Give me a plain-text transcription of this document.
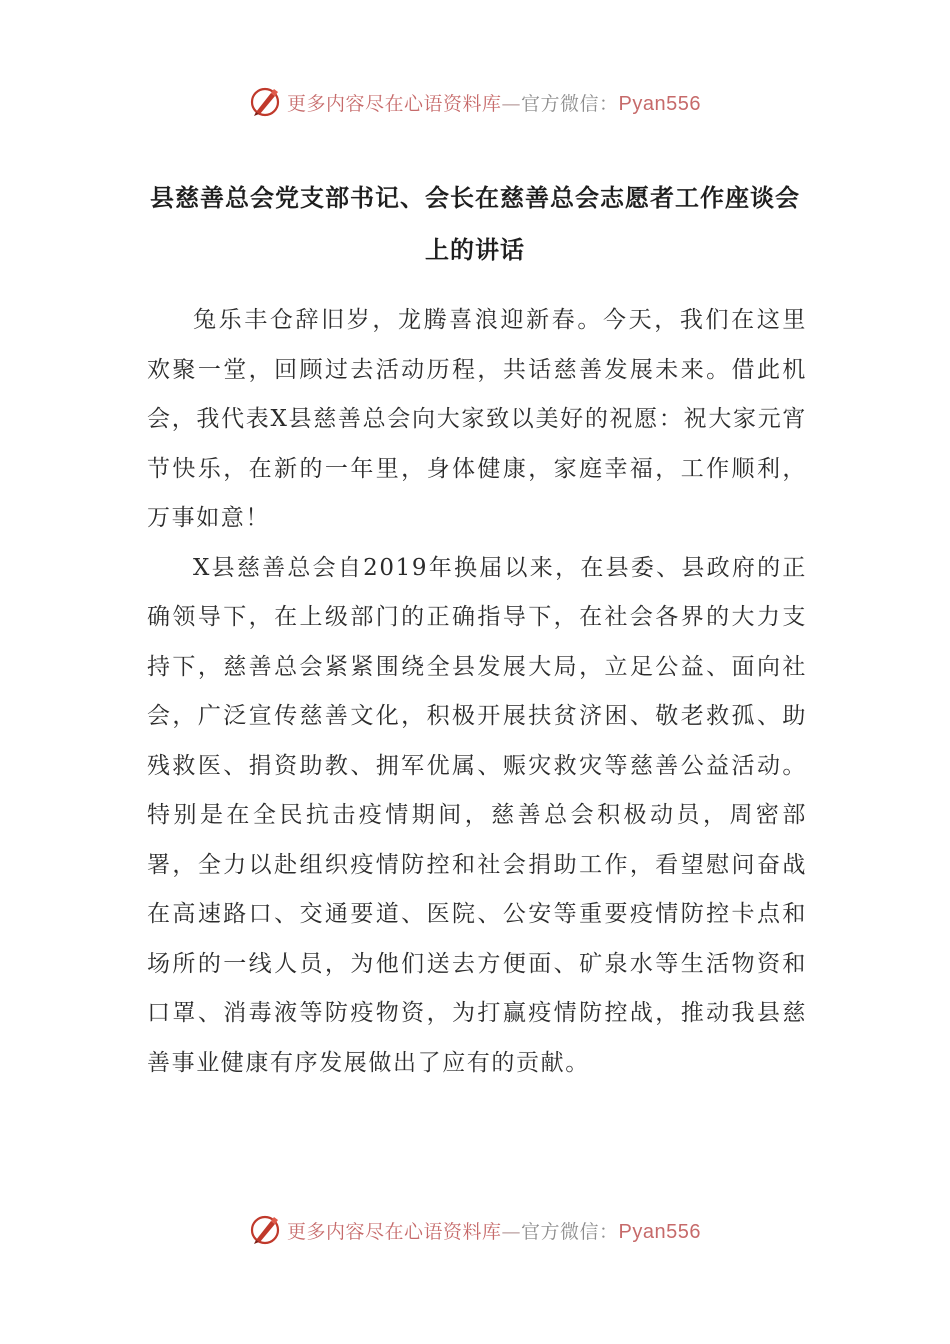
更多内容尽在心语资料库—官方微信：Pyan556
县慈善总会党支部书记、会长在慈善总会志愿者工作座谈会上的讲话

兔乐丰仓辞旧岁，龙腾喜浪迎新春。今天，我们在这里欢聚一堂，回顾过去活动历程，共话慈善发展未来。借此机会，我代表X县慈善总会向大家致以美好的祝愿：祝大家元宵节快乐，在新的一年里，身体健康，家庭幸福，工作顺利，万事如意！

X县慈善总会自2019年换届以来，在县委、县政府的正确领导下，在上级部门的正确指导下，在社会各界的大力支持下，慈善总会紧紧围绕全县发展大局，立足公益、面向社会，广泛宣传慈善文化，积极开展扶贫济困、敬老救孤、助残救医、捐资助教、拥军优属、赈灾救灾等慈善公益活动。特别是在全民抗击疫情期间，慈善总会积极动员，周密部署，全力以赴组织疫情防控和社会捐助工作，看望慰问奋战在高速路口、交通要道、医院、公安等重要疫情防控卡点和场所的一线人员，为他们送去方便面、矿泉水等生活物资和口罩、消毒液等防疫物资，为打赢疫情防控战，推动我县慈善事业健康有序发展做出了应有的贡献。

更多内容尽在心语资料库—官方微信：Pyan556
